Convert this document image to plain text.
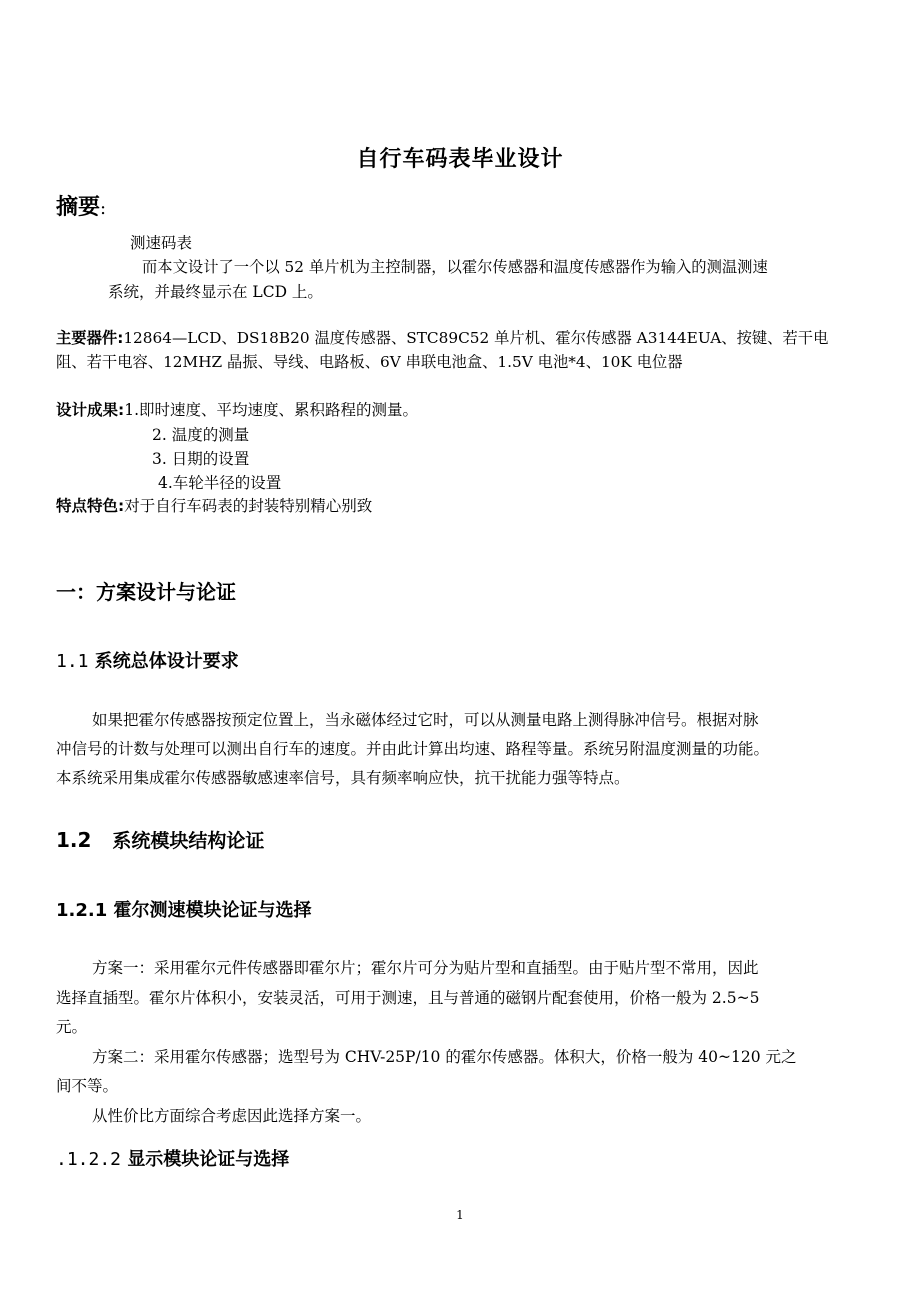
自行车码表毕业设计
摘要:
测速码表
而本文设计了一个以 52 单片机为主控制器，以霍尔传感器和温度传感器作为输入的测温测速
系统，并最终显示在 LCD 上。
主要器件:12864—LCD、DS18B20 温度传感器、STC89C52 单片机、霍尔传感器 A3144EUA、按键、若干电
阻、若干电容、12MHZ 晶振、导线、电路板、6V 串联电池盒、1.5V 电池*4、10K 电位器
设计成果:1.即时速度、平均速度、累积路程的测量。
2. 温度的测量
3. 日期的设置
4.车轮半径的设置
特点特色:对于自行车码表的封装特别精心别致
一：方案设计与论证
1.1 系统总体设计要求
如果把霍尔传感器按预定位置上，当永磁体经过它时，可以从测量电路上测得脉冲信号。根据对脉
冲信号的计数与处理可以测出自行车的速度。并由此计算出均速、路程等量。系统另附温度测量的功能。
本系统采用集成霍尔传感器敏感速率信号，具有频率响应快，抗干扰能力强等特点。
1.2 系统模块结构论证
1.2.1 霍尔测速模块论证与选择
方案一：采用霍尔元件传感器即霍尔片；霍尔片可分为贴片型和直插型。由于贴片型不常用，因此
选择直插型。霍尔片体积小，安装灵活，可用于测速，且与普通的磁钢片配套使用，价格一般为 2.5~5
元。
方案二：采用霍尔传感器；选型号为 CHV-25P/10 的霍尔传感器。体积大，价格一般为 40~120 元之
间不等。
从性价比方面综合考虑因此选择方案一。
.1.2.2 显示模块论证与选择
1
